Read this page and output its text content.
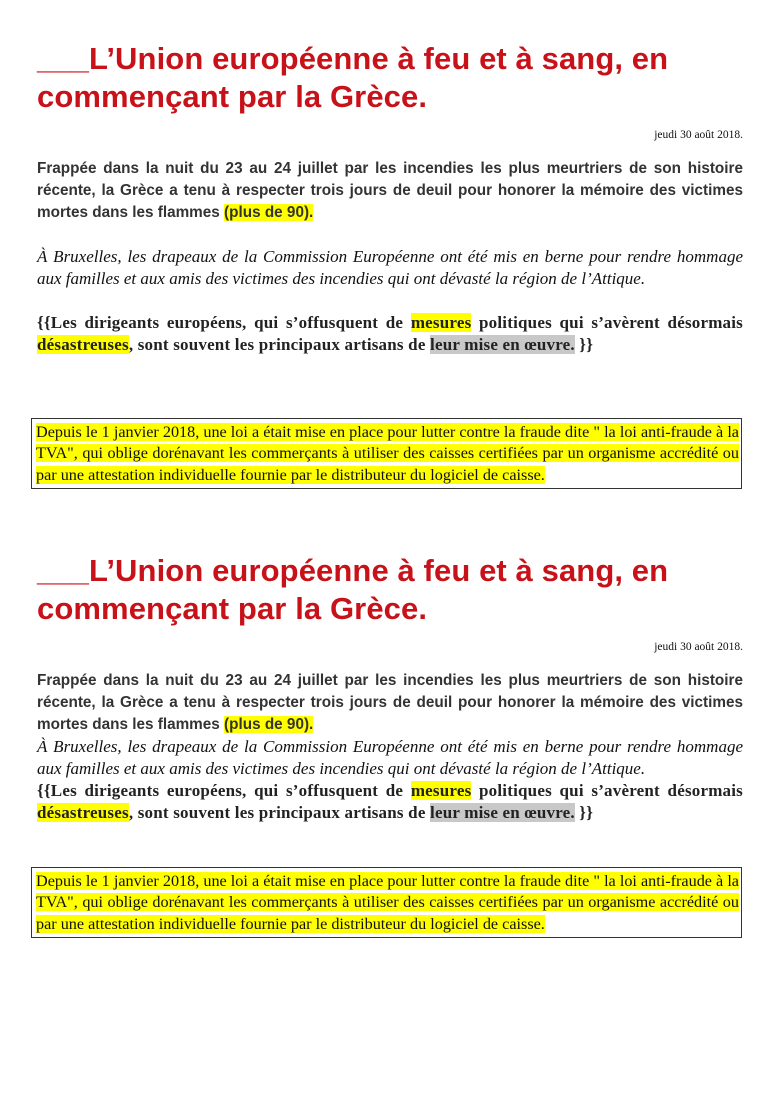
___L’Union européenne à feu et à sang, en commençant par la Grèce.

jeudi 30 août 2018.

Frappée dans la nuit du 23 au 24 juillet par les incendies les plus meurtriers de son histoire récente, la Grèce a tenu à respecter trois jours de deuil pour honorer la mémoire des victimes mortes dans les flammes (plus de 90).

À Bruxelles, les drapeaux de la Commission Européenne ont été mis en berne pour rendre hommage aux familles et aux amis des victimes des incendies qui ont dévasté la région de l’Attique.

{{Les dirigeants européens, qui s’offusquent de mesures politiques qui s’avèrent désormais désastreuses, sont souvent les principaux artisans de leur mise en œuvre. }}

Depuis le 1 janvier 2018, une loi a était mise en place pour lutter contre la fraude dite " la loi anti-fraude à la TVA", qui oblige dorénavant les commerçants à utiliser des caisses certifiées par un organisme accrédité ou par une attestation individuelle fournie par le distributeur du logiciel de caisse.

___L’Union européenne à feu et à sang, en commençant par la Grèce.

jeudi 30 août 2018.

Frappée dans la nuit du 23 au 24 juillet par les incendies les plus meurtriers de son histoire récente, la Grèce a tenu à respecter trois jours de deuil pour honorer la mémoire des victimes mortes dans les flammes (plus de 90).

À Bruxelles, les drapeaux de la Commission Européenne ont été mis en berne pour rendre hommage aux familles et aux amis des victimes des incendies qui ont dévasté la région de l’Attique.

{{Les dirigeants européens, qui s’offusquent de mesures politiques qui s’avèrent désormais désastreuses, sont souvent les principaux artisans de leur mise en œuvre. }}

Depuis le 1 janvier 2018, une loi a était mise en place pour lutter contre la fraude dite " la loi anti-fraude à la TVA", qui oblige dorénavant les commerçants à utiliser des caisses certifiées par un organisme accrédité ou par une attestation individuelle fournie par le distributeur du logiciel de caisse.
